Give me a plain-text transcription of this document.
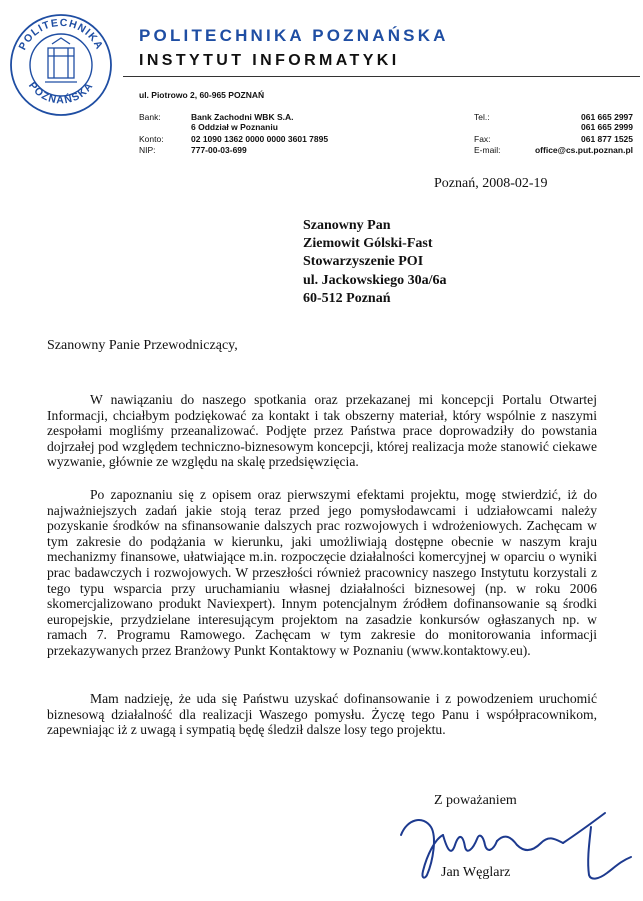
POLITECHNIKA
POZNAŃSKA
POLITECHNIKA POZNAŃSKA
INSTYTUT INFORMATYKI
ul. Piotrowo 2, 60-965 POZNAŃ
Bank:	Bank Zachodni WBK S.A.
6 Oddział w Poznaniu
Konto:	02 1090 1362 0000 0000 3601 7895
NIP:	777-00-03-699
Tel.:	061 665 2997
061 665 2999
Fax:	061 877 1525
E-mail:	office@cs.put.poznan.pl
Poznań, 2008-02-19
Szanowny Pan
Ziemowit Gólski-Fast
Stowarzyszenie POI
ul. Jackowskiego 30a/6a
60-512 Poznań
Szanowny Panie Przewodniczący,

W nawiązaniu do naszego spotkania oraz przekazanej mi koncepcji Portalu Otwartej Informacji, chciałbym podziękować za kontakt i tak obszerny materiał, który wspólnie z naszymi zespołami mogliśmy przeanalizować. Podjęte przez Państwa prace doprowadziły do powstania dojrzałej pod względem techniczno-biznesowym koncepcji, której realizacja może stanowić ciekawe wyzwanie, głównie ze względu na skalę przedsięwzięcia.

Po zapoznaniu się z opisem oraz pierwszymi efektami projektu, mogę stwierdzić, iż do najważniejszych zadań jakie stoją teraz przed jego pomysłodawcami i udziałowcami należy pozyskanie środków na sfinansowanie dalszych prac rozwojowych i wdrożeniowych. Zachęcam w tym zakresie do podążania w kierunku, jaki umożliwiają dostępne obecnie w naszym kraju mechanizmy finansowe, ułatwiające m.in. rozpoczęcie działalności komercyjnej w oparciu o wyniki prac badawczych i rozwojowych. W przeszłości również pracownicy naszego Instytutu korzystali z tego typu wsparcia przy uruchamianiu własnej działalności biznesowej (np. w roku 2006 skomercjalizowano produkt Naviexpert). Innym potencjalnym źródłem dofinansowanie są środki europejskie, przydzielane interesującym projektom na zasadzie konkursów ogłaszanych np. w ramach 7. Programu Ramowego. Zachęcam w tym zakresie do monitorowania informacji przekazywanych przez Branżowy Punkt Kontaktowy w Poznaniu (www.kontaktowy.eu).

Mam nadzieję, że uda się Państwu uzyskać dofinansowanie i z powodzeniem uruchomić biznesową działalność dla realizacji Waszego pomysłu. Życzę tego Panu i współpracownikom, zapewniając iż z uwagą i sympatią będę śledził dalsze losy tego projektu.

Z poważaniem
Jan Węglarz
